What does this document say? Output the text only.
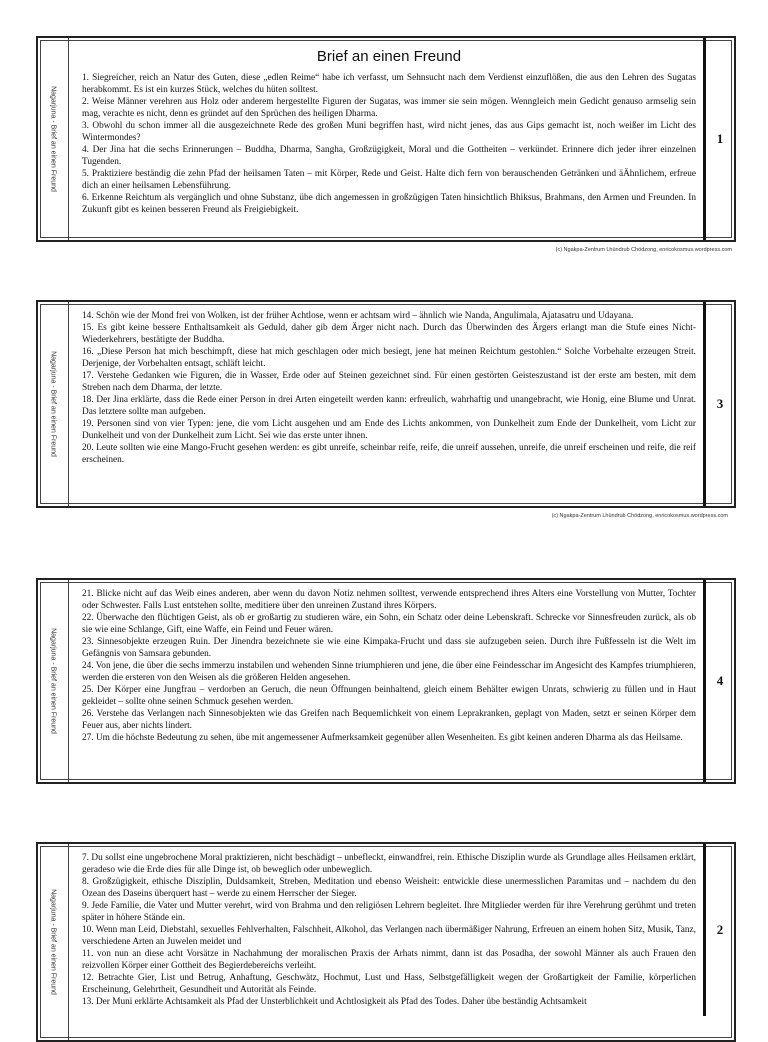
Nagarjuna - Brief an einen Freund	1
Brief an einen Freund

1. Siegreicher, reich an Natur des Guten, diese „edlen Reime“ habe ich verfasst, um Sehnsucht nach dem Verdienst einzuflößen, die aus den Lehren des Sugatas herabkommt. Es ist ein kurzes Stück, welches du hüten solltest.

2. Weise Männer verehren aus Holz oder anderem hergestellte Figuren der Sugatas, was immer sie sein mögen. Wenngleich mein Gedicht genauso armselig sein mag, verachte es nicht, denn es gründet auf den Sprüchen des heiligen Dharma.

3. Obwohl du schon immer all die ausgezeichnete Rede des großen Muni begriffen hast, wird nicht jenes, das aus Gips gemacht ist, noch weißer im Licht des Wintermondes?

4. Der Jina hat die sechs Erinnerungen – Buddha, Dharma, Sangha, Großzügigkeit, Moral und die Gottheiten – verkündet. Erinnere dich jeder ihrer einzelnen Tugenden.

5. Praktiziere beständig die zehn Pfad der heilsamen Taten – mit Körper, Rede und Geist. Halte dich fern von berauschenden Getränken und äÄhnlichem, erfreue dich an einer heilsamen Lebensführung.

6. Erkenne Reichtum als vergänglich und ohne Substanz, übe dich angemessen in großzügigen Taten hinsichtlich Bhiksus, Brahmans, den Armen und Freunden. In Zukunft gibt es keinen besseren Freund als Freigiebigkeit.

(c) Ngakpa-Zentrum Lhündrub Chödzong, enricokosmus.wordpress.com
Nagarjuna - Brief an einen Freund	3

14. Schön wie der Mond frei von Wolken, ist der früher Achtlose, wenn er achtsam wird – ähnlich wie Nanda, Angulimala, Ajatasatru und Udayana.

15. Es gibt keine bessere Enthaltsamkeit als Geduld, daher gib dem Ärger nicht nach. Durch das Überwinden des Ärgers erlangt man die Stufe eines Nicht-Wiederkehrers, bestätigte der Buddha.

16. „Diese Person hat mich beschimpft, diese hat mich geschlagen oder mich besiegt, jene hat meinen Reichtum gestohlen.“ Solche Vorbehalte erzeugen Streit. Derjenige, der Vorbehalten entsagt, schläft leicht.

17. Verstehe Gedanken wie Figuren, die in Wasser, Erde oder auf Steinen gezeichnet sind. Für einen gestörten Geisteszustand ist der erste am besten, mit dem Streben nach dem Dharma, der letzte.

18. Der Jina erklärte, dass die Rede einer Person in drei Arten eingeteilt werden kann: erfreulich, wahrhaftig und unangebracht, wie Honig, eine Blume und Unrat. Das letztere sollte man aufgeben.

19. Personen sind von vier Typen: jene, die vom Licht ausgehen und am Ende des Lichts ankommen, von Dunkelheit zum Ende der Dunkelheit, vom Licht zur Dunkelheit und von der Dunkelheit zum Licht. Sei wie das erste unter ihnen.

20. Leute sollten wie eine Mango-Frucht gesehen werden: es gibt unreife, scheinbar reife, reife, die unreif aussehen, unreife, die unreif erscheinen und reife, die reif erscheinen.

(c) Ngakpa-Zentrum Lhündrub Chödzong, enricokosmus.wordpress.com
Nagarjuna - Brief an einen Freund	4

21. Blicke nicht auf das Weib eines anderen, aber wenn du davon Notiz nehmen solltest, verwende entsprechend ihres Alters eine Vorstellung von Mutter, Tochter oder Schwester. Falls Lust entstehen sollte, meditiere über den unreinen Zustand ihres Körpers.

22. Überwache den flüchtigen Geist, als ob er großartig zu studieren wäre, ein Sohn, ein Schatz oder deine Lebenskraft. Schrecke vor Sinnesfreuden zurück, als ob sie wie eine Schlange, Gift, eine Waffe, ein Feind und Feuer wären.

23. Sinnesobjekte erzeugen Ruin. Der Jinendra bezeichnete sie wie eine Kimpaka-Frucht und dass sie aufzugeben seien. Durch ihre Fußfesseln ist die Welt im Gefängnis von Samsara gebunden.

24. Von jene, die über die sechs immerzu instabilen und wehenden Sinne triumphieren und jene, die über eine Feindesschar im Angesicht des Kampfes triumphieren, werden die ersteren von den Weisen als die größeren Helden angesehen.

25. Der Körper eine Jungfrau – verdorben an Geruch, die neun Öffnungen beinhaltend, gleich einem Behälter ewigen Unrats, schwierig zu füllen und in Haut gekleidet – sollte ohne seinen Schmuck gesehen werden.

26. Verstehe das Verlangen nach Sinnesobjekten wie das Greifen nach Bequemlichkeit von einem Leprakranken, geplagt von Maden, setzt er seinen Körper dem Feuer aus, aber nichts lindert.

27. Um die höchste Bedeutung zu sehen, übe mit angemessener Aufmerksamkeit gegenüber allen Wesenheiten. Es gibt keinen anderen Dharma als das Heilsame.

Nagarjuna - Brief an einen Freund	2

7. Du sollst eine ungebrochene Moral praktizieren, nicht beschädigt – unbefleckt, einwandfrei, rein. Ethische Disziplin wurde als Grundlage alles Heilsamen erklärt, geradeso wie die Erde dies für alle Dinge ist, ob beweglich oder unbeweglich.

8. Großzügigkeit, ethische Disziplin, Duldsamkeit, Streben, Meditation und ebenso Weisheit: entwickle diese unermesslichen Paramitas und – nachdem du den Ozean des Daseins überquert hast – werde zu einem Herrscher der Sieger.

9. Jede Familie, die Vater und Mutter verehrt, wird von Brahma und den religiösen Lehrern begleitet. Ihre Mitglieder werden für ihre Verehrung gerühmt und treten später in höhere Stände ein.

10. Wenn man Leid, Diebstahl, sexuelles Fehlverhalten, Falschheit, Alkohol, das Verlangen nach übermäßiger Nahrung, Erfreuen an einem hohen Sitz, Musik, Tanz, verschiedene Arten an Juwelen meidet und

11. von nun an diese acht Vorsätze in Nachahmung der moralischen Praxis der Arhats nimmt, dann ist das Posadha, der sowohl Männer als auch Frauen den reizvollen Körper einer Gottheit des Begierdebereichs verleiht.

12. Betrachte Gier, List und Betrug, Anhaftung, Geschwätz, Hochmut, Lust und Hass, Selbstgefälligkeit wegen der Großartigkeit der Familie, körperlichen Erscheinung, Gelehrtheit, Gesundheit und Autorität als Feinde.

13. Der Muni erklärte Achtsamkeit als Pfad der Unsterblichkeit und Achtlosigkeit als Pfad des Todes. Daher übe beständig Achtsamkeit
